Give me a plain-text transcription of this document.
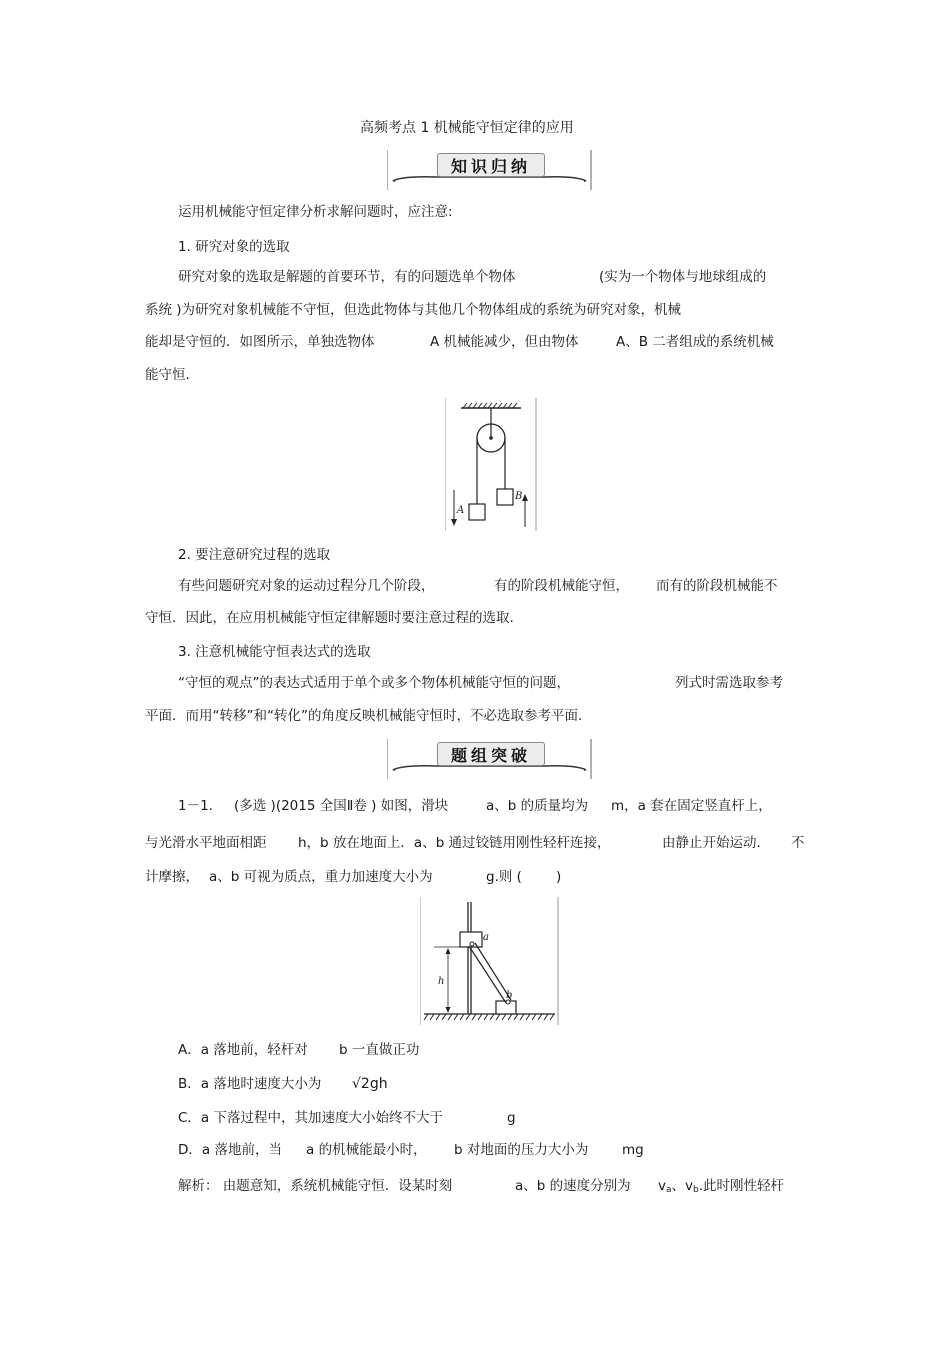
高频考点 1 机械能守恒定律的应用
知识归纳
运用机械能守恒定律分析求解问题时，应注意:
1. 研究对象的选取
研究对象的选取是解题的首要环节，有的问题选单个物体	(实为一个物体与地球组成的
系统 )为研究对象机械能不守恒，但选此物体与其他几个物体组成的系统为研究对象，机械
能却是守恒的．如图所示，单独选物体	A 机械能减少，但由物体	A、B 二者组成的系统机械
能守恒.
A
B
2. 要注意研究过程的选取
有些问题研究对象的运动过程分几个阶段，	有的阶段机械能守恒， 而有的阶段机械能不
守恒．因此，在应用机械能守恒定律解题时要注意过程的选取.
3. 注意机械能守恒表达式的选取
“守恒的观点”的表达式适用于单个或多个物体机械能守恒的问题，	列式时需选取参考
平面．而用“转移”和“转化”的角度反映机械能守恒时，不必选取参考平面.
题组突破
1－1. (多选 )(2015 全国Ⅱ卷 ) 如图，滑块	a、b 的质量均为 m，a 套在固定竖直杆上，
与光滑水平地面相距 h，b 放在地面上．a、b 通过铰链用刚性轻杆连接，	由静止开始运动． 不
计摩擦， a、b 可视为质点，重力加速度大小为	g.则 (	)
a
b
h
A．a 落地前，轻杆对 b 一直做正功
B．a 落地时速度大小为 √2gh
C．a 下落过程中，其加速度大小始终不大于	g
D．a 落地前，当 a 的机械能最小时， b 对地面的压力大小为 mg
解析： 由题意知，系统机械能守恒．设某时刻	a、b 的速度分别为 $v_a$、$v_b$.此时刚性轻杆
